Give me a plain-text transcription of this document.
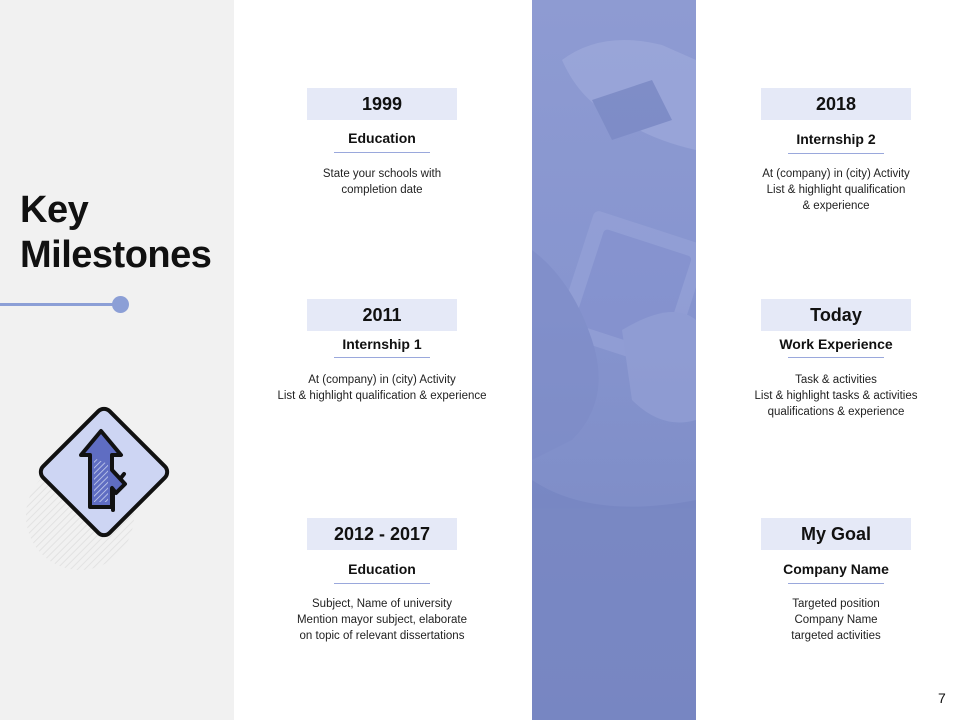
Key
Milestones
1999
Education
State your schools with
completion date
2011
Internship 1
At (company) in (city) Activity
List & highlight qualification & experience
2012 - 2017
Education
Subject, Name of university
Mention mayor subject, elaborate
on topic of relevant dissertations
2018
Internship 2
At (company) in (city) Activity
List & highlight qualification
& experience
Today
Work Experience
Task & activities
List & highlight tasks & activities
qualifications & experience
My Goal
Company Name
Targeted position
Company Name
targeted activities
7
